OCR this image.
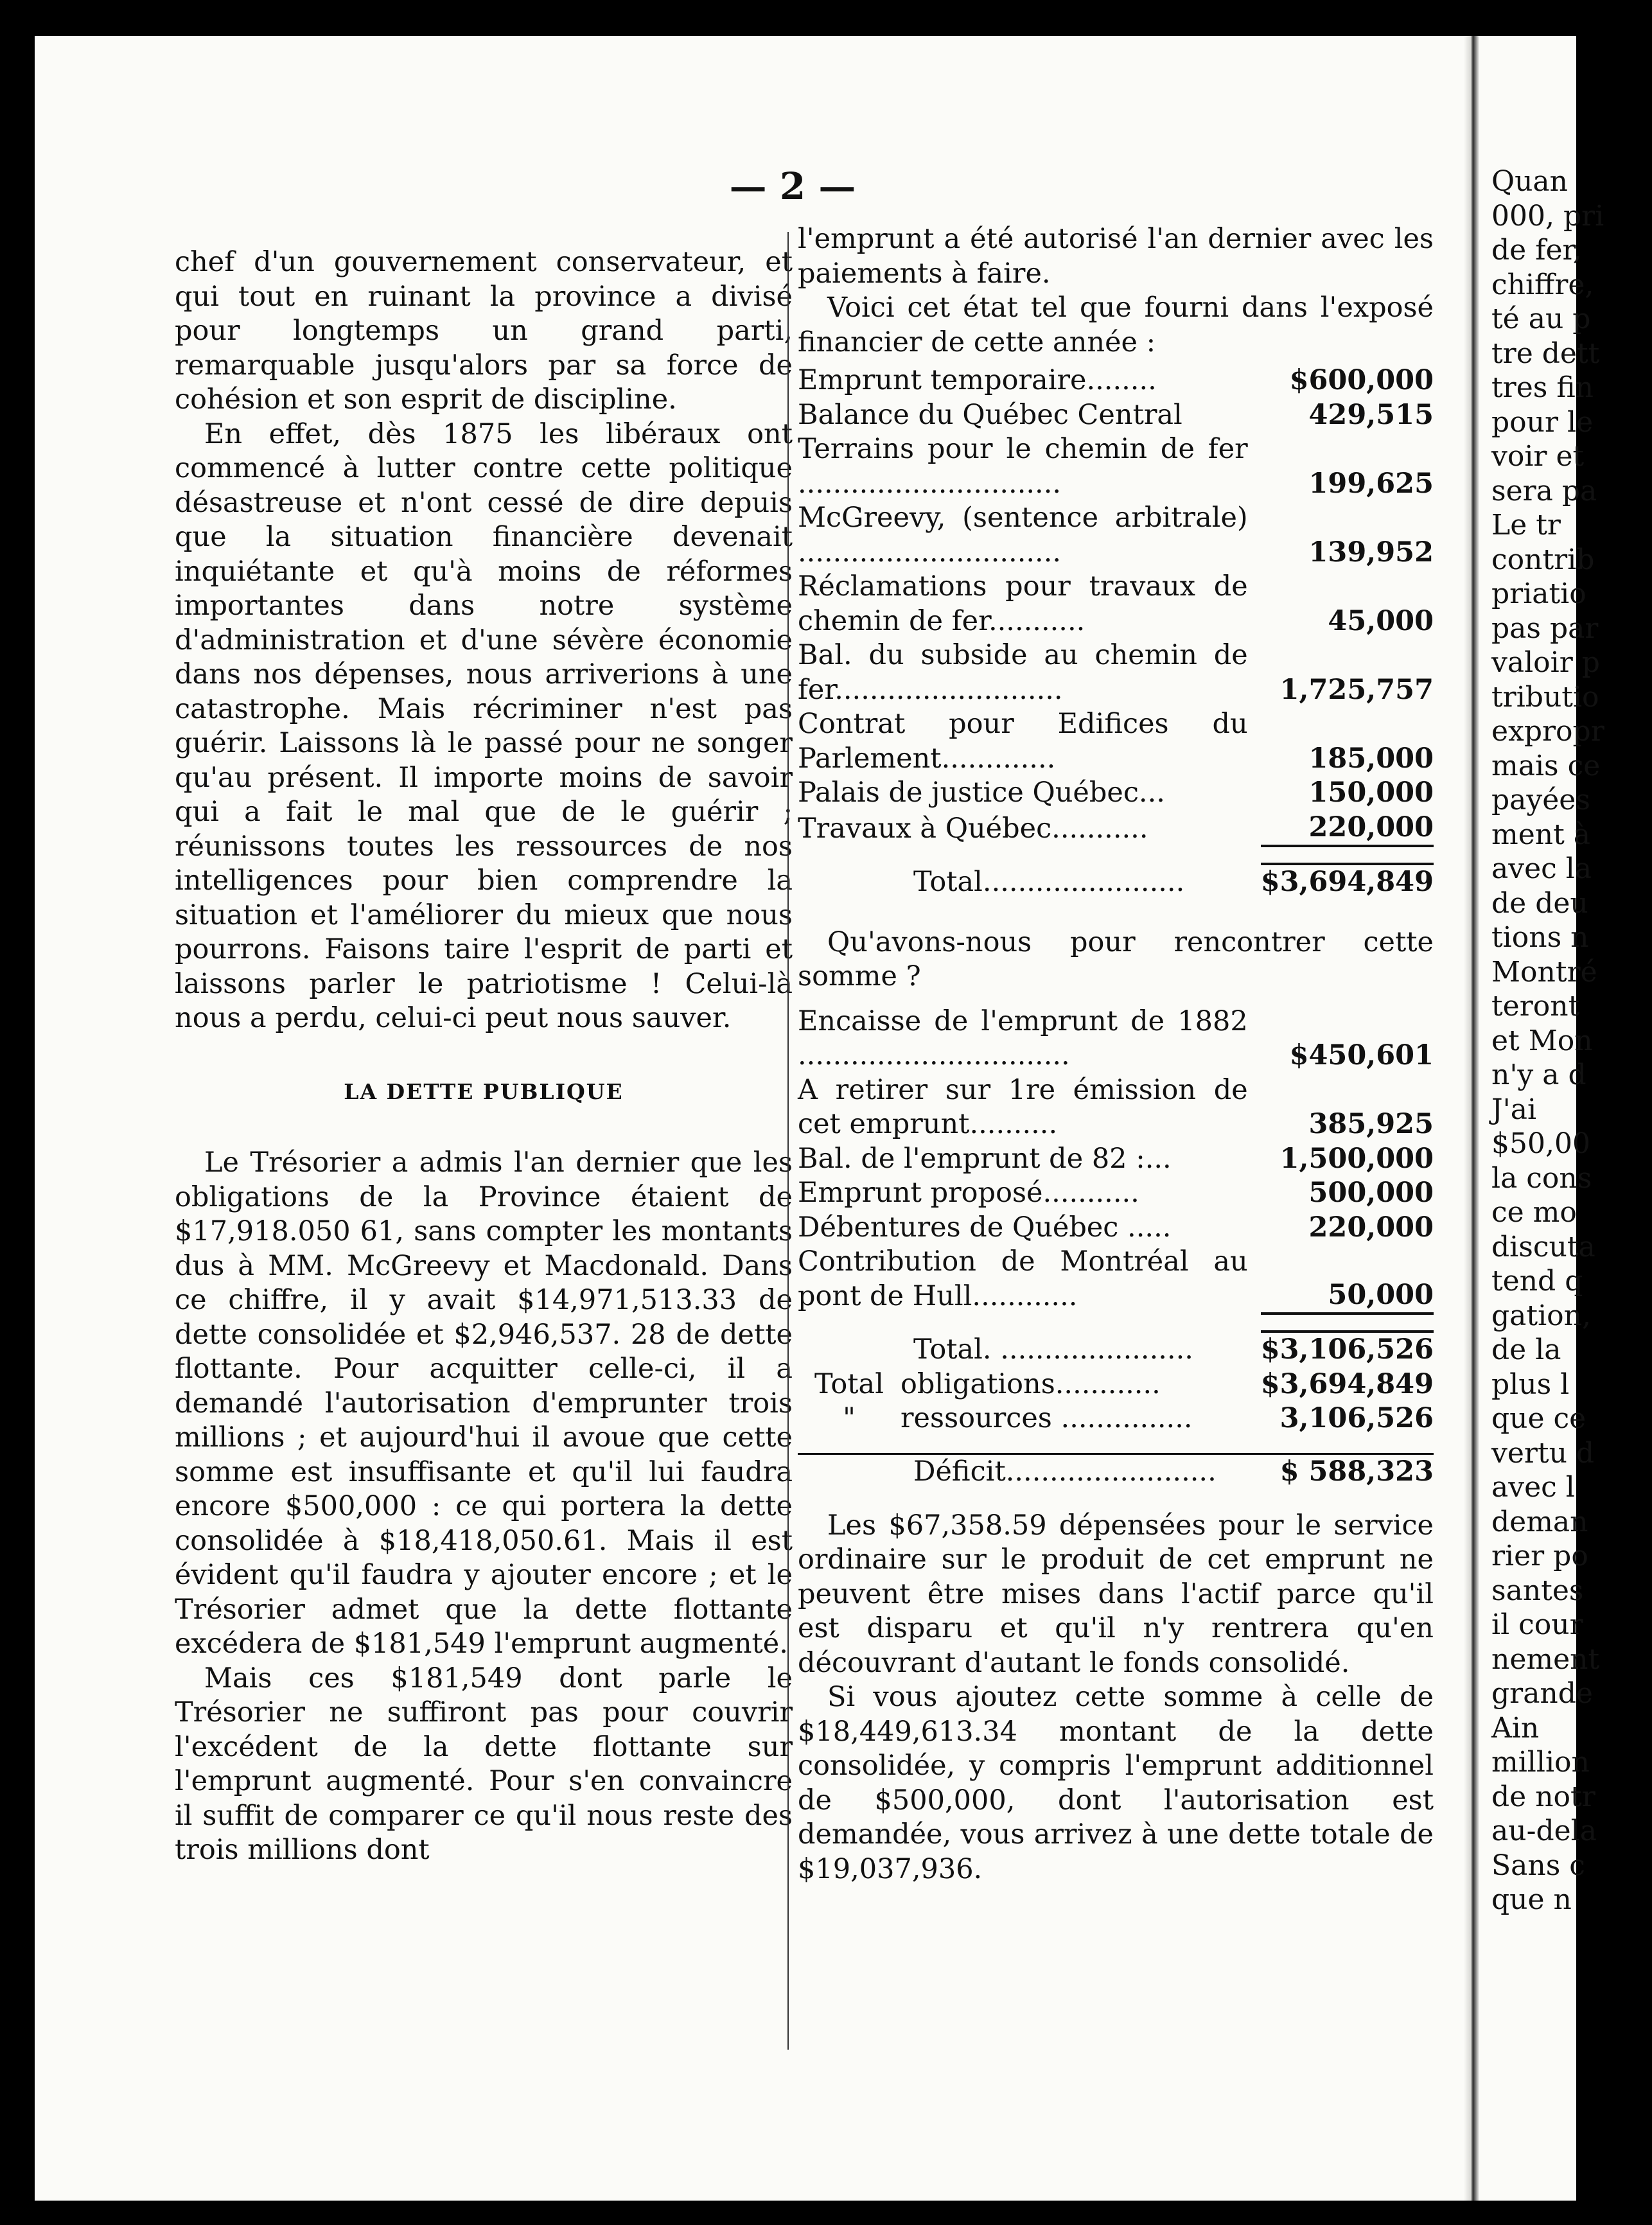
— 2 —

chef d'un gouvernement conservateur, et qui tout en ruinant la province a divisé pour longtemps un grand parti, remarquable jusqu'alors par sa force de cohésion et son esprit de discipline.

En effet, dès 1875 les libéraux ont commencé à lutter contre cette politique désastreuse et n'ont cessé de dire depuis que la situation financière devenait inquiétante et qu'à moins de réformes importantes dans notre système d'administration et d'une sévère économie dans nos dépenses, nous arriverions à une catastrophe. Mais récriminer n'est pas guérir. Laissons là le passé pour ne songer qu'au présent. Il importe moins de savoir qui a fait le mal que de le guérir ; réunissons toutes les ressources de nos intelligences pour bien comprendre la situation et l'améliorer du mieux que nous pourrons. Faisons taire l'esprit de parti et laissons parler le patriotisme ! Celui-là nous a perdu, celui-ci peut nous sauver.

LA DETTE PUBLIQUE

Le Trésorier a admis l'an dernier que les obligations de la Province étaient de $17,918.050 61, sans compter les montants dus à MM. McGreevy et Macdonald. Dans ce chiffre, il y avait $14,971,513.33 de dette consolidée et $2,946,537. 28 de dette flottante. Pour acquitter celle-ci, il a demandé l'autorisation d'emprunter trois millions ; et aujourd'hui il avoue que cette somme est insuffisante et qu'il lui faudra encore $500,000 : ce qui portera la dette consolidée à $18,418,050.61. Mais il est évident qu'il faudra y ajouter encore ; et le Trésorier admet que la dette flottante excédera de $181,549 l'emprunt augmenté.

Mais ces $181,549 dont parle le Trésorier ne suffiront pas pour couvrir l'excédent de la dette flottante sur l'emprunt augmenté. Pour s'en convaincre il suffit de comparer ce qu'il nous reste des trois millions dont

l'emprunt a été autorisé l'an dernier avec les paiements à faire.

Voici cet état tel que fourni dans l'exposé financier de cette année :

Emprunt temporaire........	$600,000
Balance du Québec Central	429,515
Terrains pour le chemin de fer ..............................	199,625
McGreevy, (sentence arbitrale) ..............................	139,952
Réclamations pour travaux de chemin de fer...........	45,000
Bal. du subside au chemin de fer..........................	1,725,757
Contrat pour Edifices du Parlement.............	185,000
Palais de justice Québec...	150,000
Travaux à Québec...........	220,000

Total.......................	$3,694,849

Qu'avons-nous pour rencontrer cette somme ?

Encaisse de l'emprunt de 1882 ...............................	$450,601
A retirer sur 1re émission de cet emprunt..........	385,925
Bal. de l'emprunt de 82 :...	1,500,000
Emprunt proposé...........	500,000
Débentures de Québec .....	220,000
Contribution de Montréal au pont de Hull............	50,000

Total. ......................	$3,106,526
Total obligations............	$3,694,849
" ressources ...............	3,106,526

Déficit........................	$ 588,323

Les $67,358.59 dépensées pour le service ordinaire sur le produit de cet emprunt ne peuvent être mises dans l'actif parce qu'il est disparu et qu'il n'y rentrera qu'en découvrant d'autant le fonds consolidé.

Si vous ajoutez cette somme à celle de $18,449,613.34 montant de la dette consolidée, y compris l'emprunt additionnel de $500,000, dont l'autorisation est demandée, vous arrivez à une dette totale de $19,037,936.

Quan
000, pri
de fer,
chiffre,
té au p
tre dett
tres fin
pour le
voir et
sera pa
Le tr
contrib
priatio
pas par
valoir p
tributio
expropr
mais ce
payées
ment à
avec la
de deu
tions n
Montré
teront
et Mon
n'y a d
J'ai
$50,00
la cons
ce mo
discuta
tend q
gation,
de la
plus l
que ce
vertu d
avec l
deman
rier po
santes
il cour
nement
grande
Ain
million
de notr
au-dela
Sans c
que n
